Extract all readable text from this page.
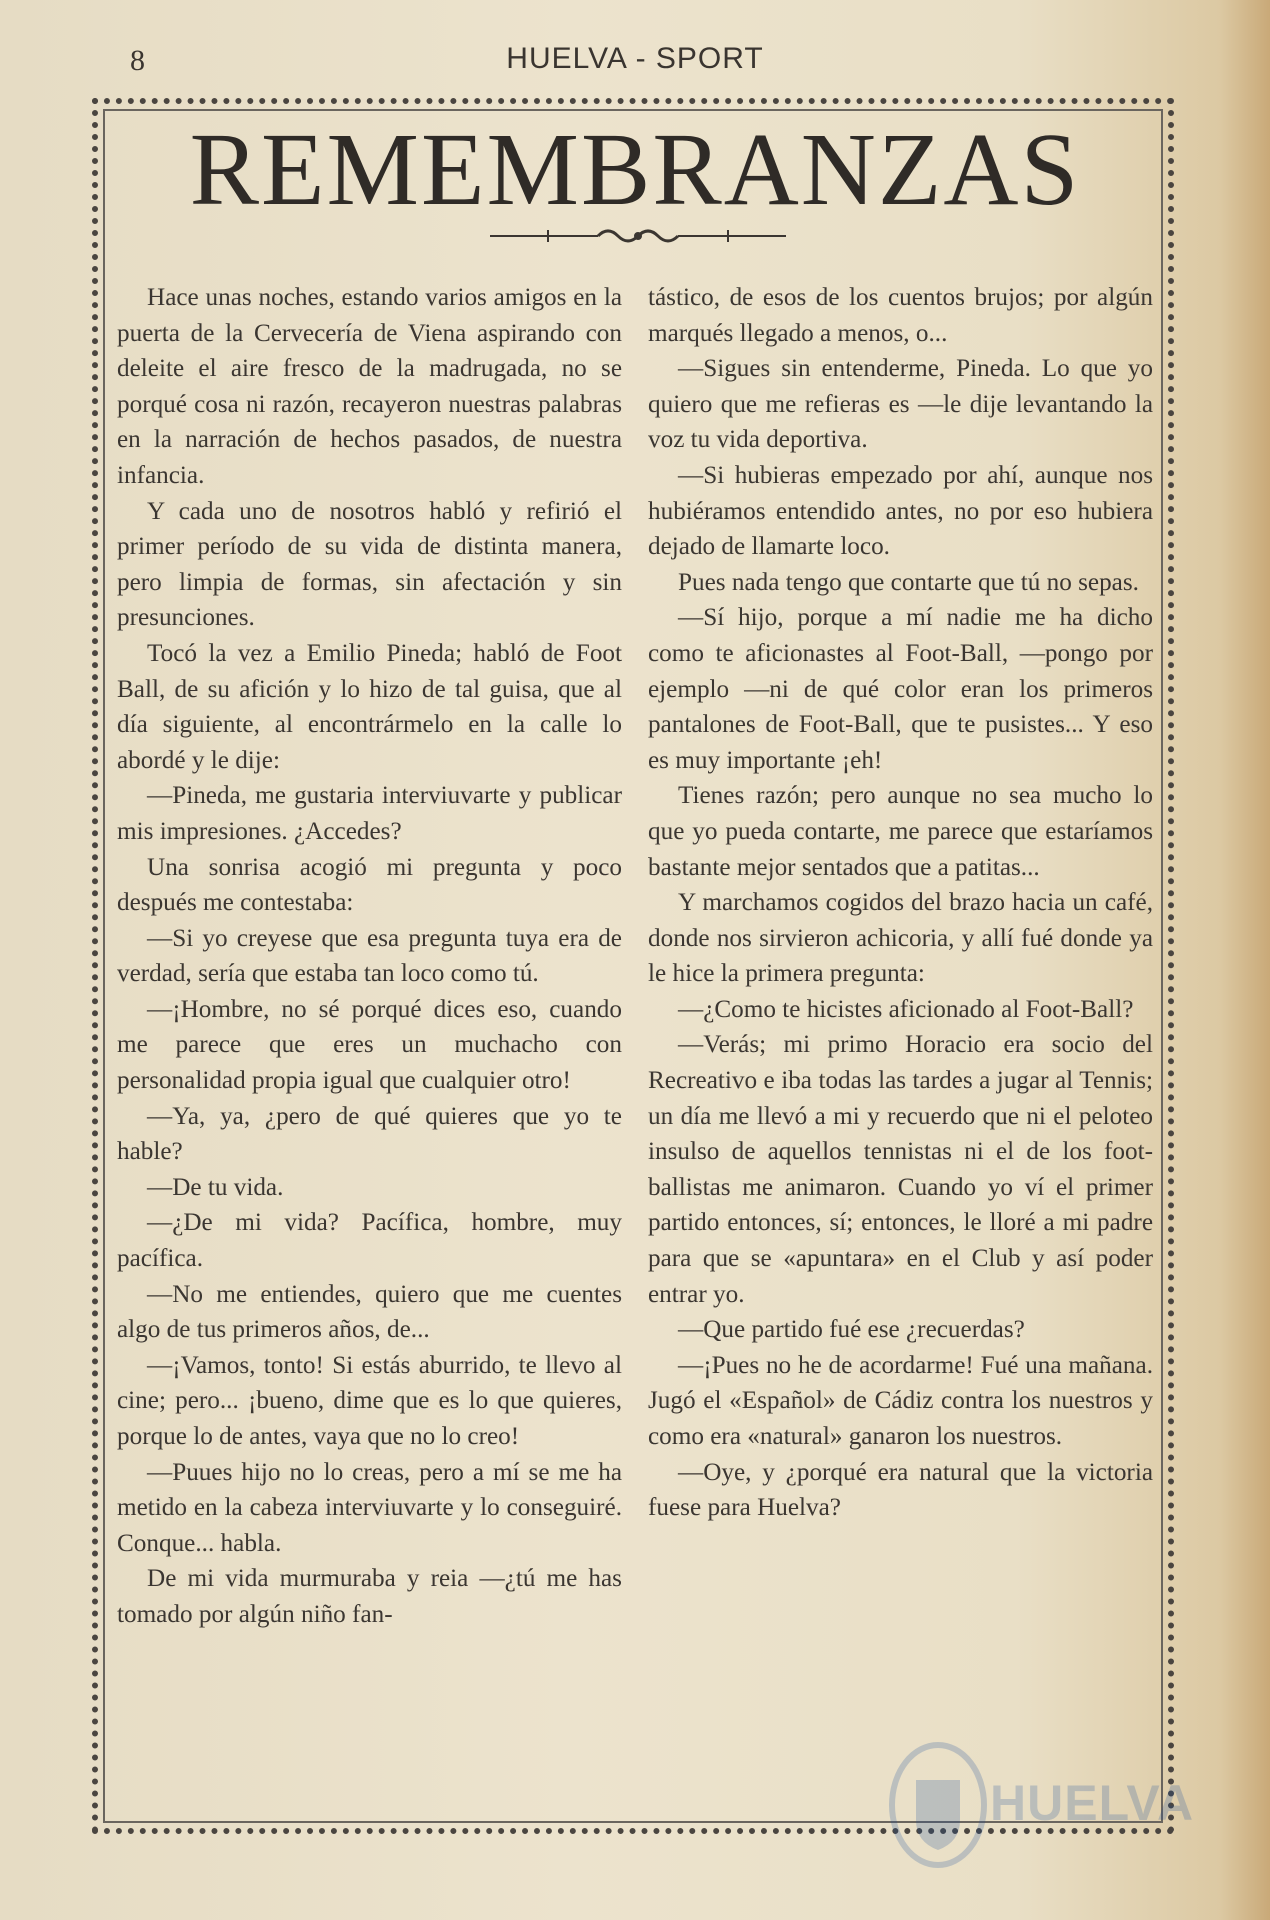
8	HUELVA - SPORT
REMEMBRANZAS

Hace unas noches, estando varios amigos en la puerta de la Cervecería de Viena aspirando con deleite el aire fresco de la madrugada, no se porqué cosa ni razón, recayeron nuestras palabras en la narración de hechos pasados, de nuestra infancia.

Y cada uno de nosotros habló y refirió el primer período de su vida de distinta manera, pero limpia de formas, sin afectación y sin presunciones.

Tocó la vez a Emilio Pineda; habló de Foot Ball, de su afición y lo hizo de tal guisa, que al día siguiente, al encontrármelo en la calle lo abordé y le dije:

—Pineda, me gustaria interviuvarte y publicar mis impresiones. ¿Accedes?

Una sonrisa acogió mi pregunta y poco después me contestaba:

—Si yo creyese que esa pregunta tuya era de verdad, sería que estaba tan loco como tú.

—¡Hombre, no sé porqué dices eso, cuando me parece que eres un muchacho con personalidad propia igual que cualquier otro!

—Ya, ya, ¿pero de qué quieres que yo te hable?

—De tu vida.

—¿De mi vida? Pacífica, hombre, muy pacífica.

—No me entiendes, quiero que me cuentes algo de tus primeros años, de...

—¡Vamos, tonto! Si estás aburrido, te llevo al cine; pero... ¡bueno, dime que es lo que quieres, porque lo de antes, vaya que no lo creo!

—Puues hijo no lo creas, pero a mí se me ha metido en la cabeza interviuvarte y lo conseguiré. Conque... habla.

De mi vida murmuraba y reia —¿tú me has tomado por algún niño fan-

tástico, de esos de los cuentos brujos; por algún marqués llegado a menos, o...

—Sigues sin entenderme, Pineda. Lo que yo quiero que me refieras es —le dije levantando la voz tu vida deportiva.

—Si hubieras empezado por ahí, aunque nos hubiéramos entendido antes, no por eso hubiera dejado de llamarte loco.

Pues nada tengo que contarte que tú no sepas.

—Sí hijo, porque a mí nadie me ha dicho como te aficionastes al Foot-Ball, —pongo por ejemplo —ni de qué color eran los primeros pantalones de Foot-Ball, que te pusistes... Y eso es muy importante ¡eh!

Tienes razón; pero aunque no sea mucho lo que yo pueda contarte, me parece que estaríamos bastante mejor sentados que a patitas...

Y marchamos cogidos del brazo hacia un café, donde nos sirvieron achicoria, y allí fué donde ya le hice la primera pregunta:

—¿Como te hicistes aficionado al Foot-Ball?

—Verás; mi primo Horacio era socio del Recreativo e iba todas las tardes a jugar al Tennis; un día me llevó a mi y recuerdo que ni el peloteo insulso de aquellos tennistas ni el de los foot-ballistas me animaron. Cuando yo ví el primer partido entonces, sí; entonces, le lloré a mi padre para que se «apuntara» en el Club y así poder entrar yo.

—Que partido fué ese ¿recuerdas?

—¡Pues no he de acordarme! Fué una mañana. Jugó el «Español» de Cádiz contra los nuestros y como era «natural» ganaron los nuestros.

—Oye, y ¿porqué era natural que la victoria fuese para Huelva?

HUELVA
